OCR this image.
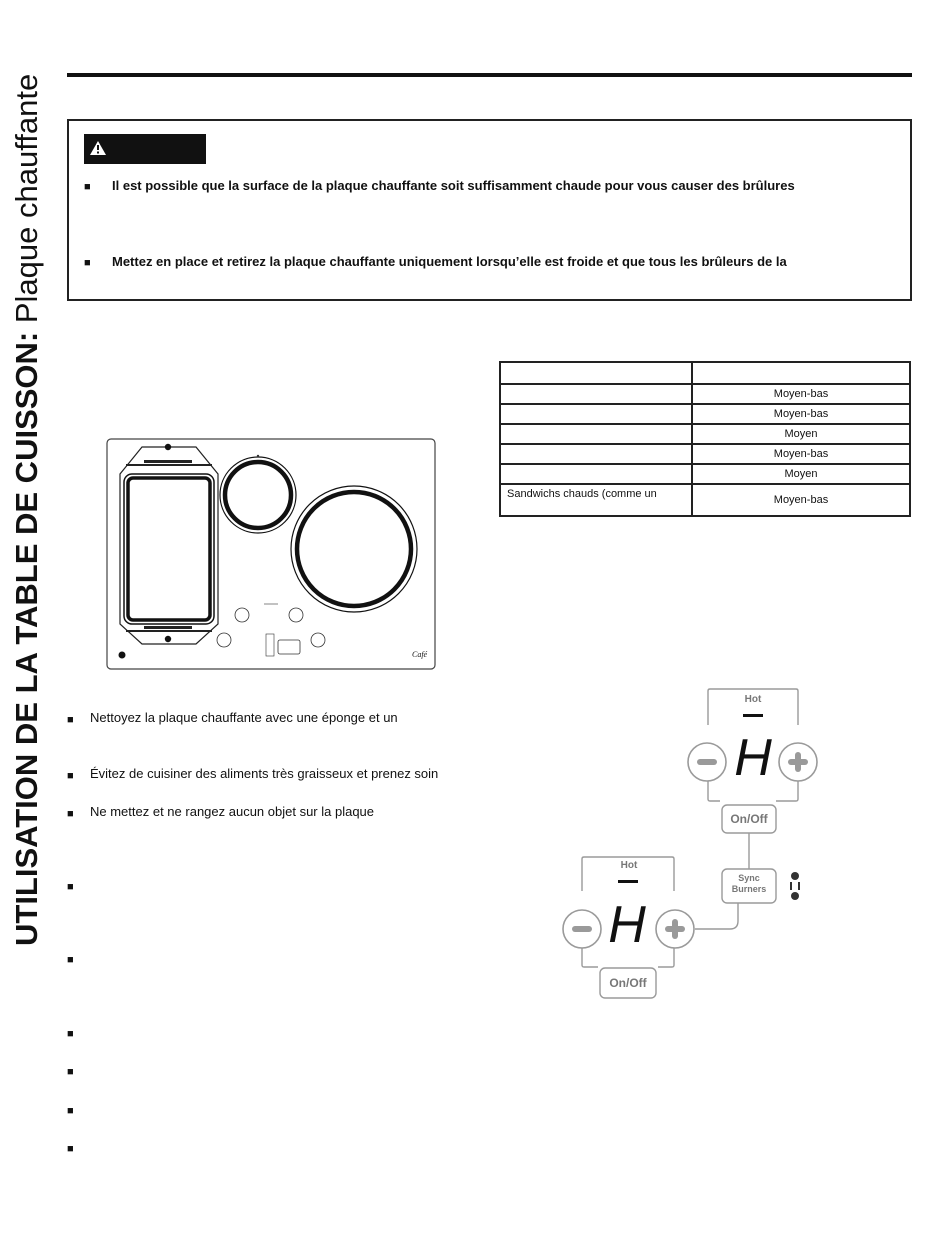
UTILISATION DE LA TABLE DE CUISSON: Plaque chauffante	■ Il est possible que la surface de la plaque chauffante soit suffisamment chaude pour vous causer des brûlures
■ Mettez en place et retirez la plaque chauffante uniquement lorsqu’elle est froide et que tous les brûleurs de la

	Moyen-bas
	Moyen-bas
	Moyen
	Moyen-bas
	Moyen
Sandwichs chauds (comme un	Moyen-bas
Café
■ Nettoyez la plaque chauffante avec une éponge et un
■ Évitez de cuisiner des aliments très graisseux et prenez soin
■ Ne mettez et ne rangez aucun objet sur la plaque
■
■
■
■
■
■
Hot
H
On/Off
Sync
Burners
Hot
H
On/Off
